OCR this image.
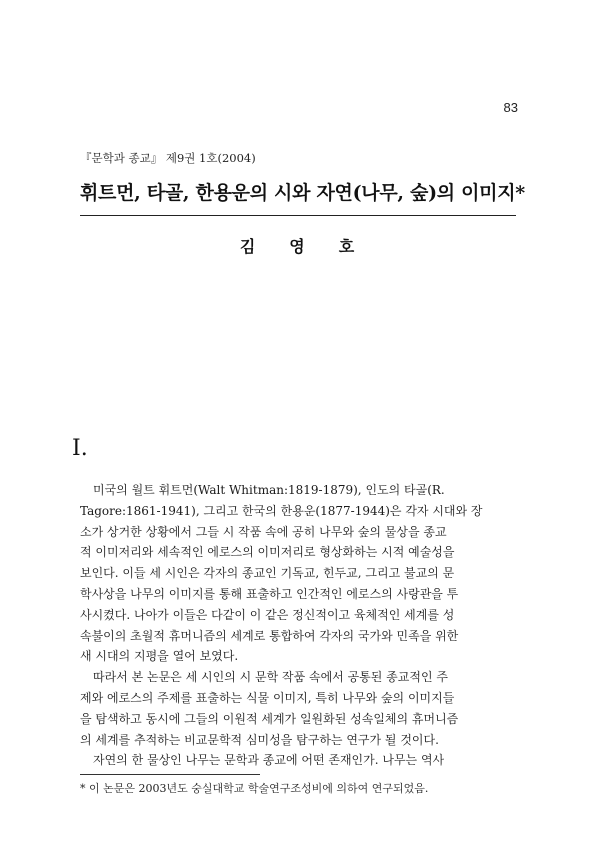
83
『문학과 종교』 제9권 1호(2004)
휘트먼, 타골, 한용운의 시와 자연(나무, 숲)의 이미지*
김영호
I.

미국의 월트 휘트먼(Walt Whitman:1819-1879), 인도의 타골(R.
Tagore:1861-1941), 그리고 한국의 한용운(1877-1944)은 각자 시대와 장
소가 상거한 상황에서 그들 시 작품 속에 공히 나무와 숲의 물상을 종교
적 이미저리와 세속적인 에로스의 이미저리로 형상화하는 시적 예술성을
보인다. 이들 세 시인은 각자의 종교인 기독교, 힌두교, 그리고 불교의 문
학사상을 나무의 이미지를 통해 표출하고 인간적인 에로스의 사랑관을 투
사시켰다. 나아가 이들은 다같이 이 같은 정신적이고 육체적인 세계를 성
속불이의 초월적 휴머니즘의 세계로 통합하여 각자의 국가와 민족을 위한
새 시대의 지평을 열어 보였다.

따라서 본 논문은 세 시인의 시 문학 작품 속에서 공통된 종교적인 주
제와 에로스의 주제를 표출하는 식물 이미지, 특히 나무와 숲의 이미지들
을 탐색하고 동시에 그들의 이원적 세계가 일원화된 성속일체의 휴머니즘
의 세계를 추적하는 비교문학적 심미성을 탐구하는 연구가 될 것이다.

자연의 한 물상인 나무는 문학과 종교에 어떤 존재인가. 나무는 역사

* 이 논문은 2003년도 숭실대학교 학술연구조성비에 의하여 연구되었음.
